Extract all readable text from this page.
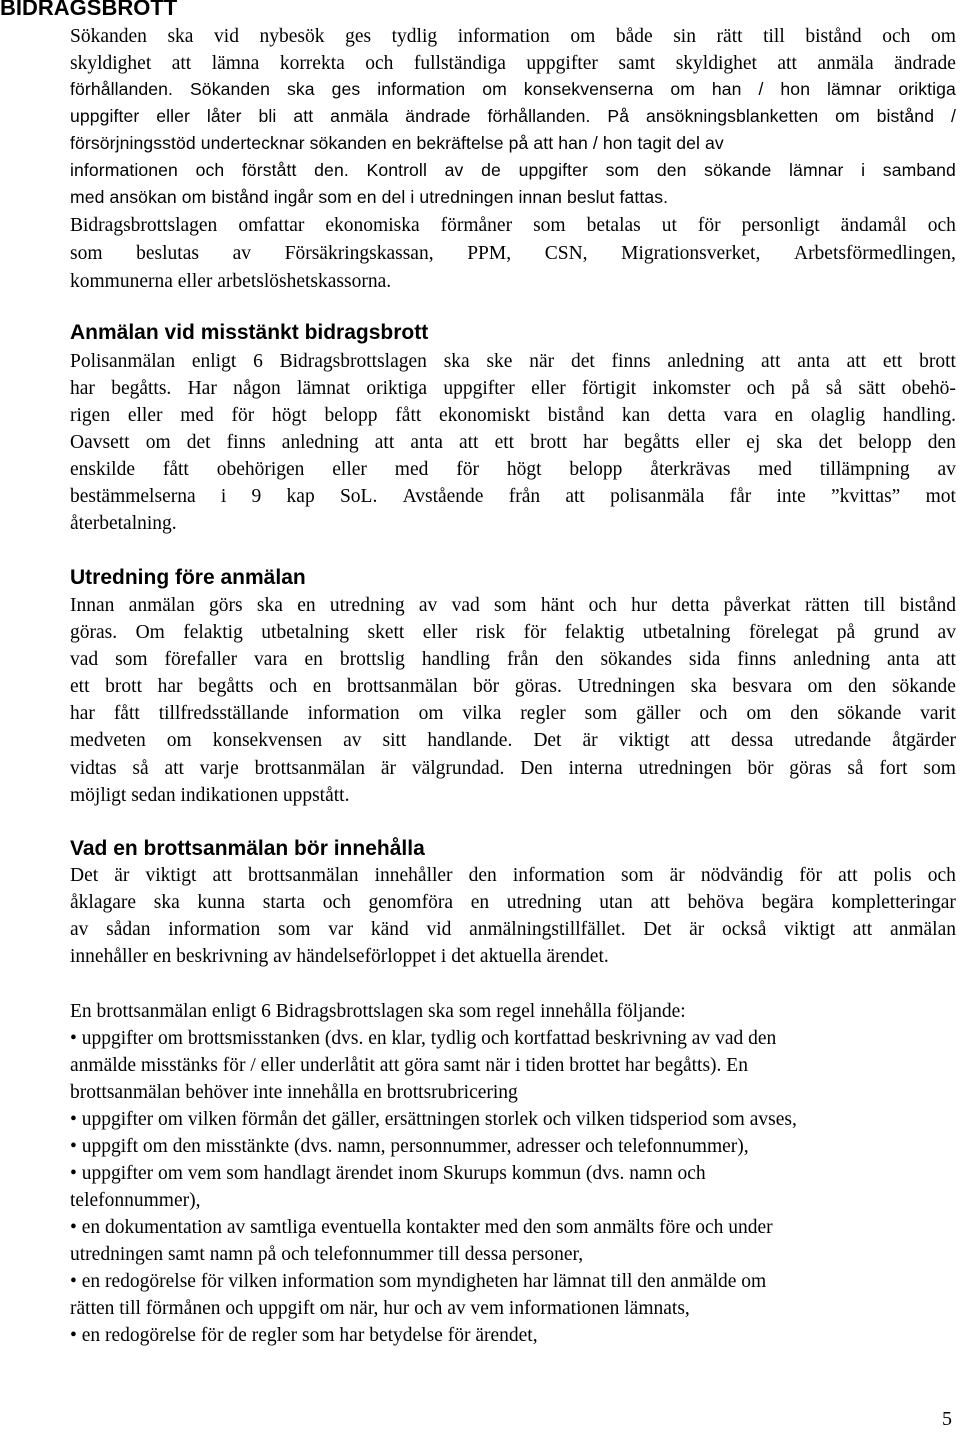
BIDRAGSBROTT

Sökanden ska vid nybesök ges tydlig information om både sin rätt till bistånd och om

skyldighet att lämna korrekta och fullständiga uppgifter samt skyldighet att anmäla ändrade

förhållanden. Sökanden ska ges information om konsekvenserna om han / hon lämnar oriktiga

uppgifter eller låter bli att anmäla ändrade förhållanden. På ansökningsblanketten om bistånd /

försörjningsstöd undertecknar sökanden en bekräftelse på att han / hon tagit del av

informationen och förstått den. Kontroll av de uppgifter som den sökande lämnar i samband

med ansökan om bistånd ingår som en del i utredningen innan beslut fattas.

Bidragsbrottslagen omfattar ekonomiska förmåner som betalas ut för personligt ändamål och

som beslutas av Försäkringskassan, PPM, CSN, Migrationsverket, Arbetsförmedlingen,

kommunerna eller arbetslöshetskassorna.

Anmälan vid misstänkt bidragsbrott

Polisanmälan enligt 6 Bidragsbrottslagen ska ske när det finns anledning att anta att ett brott

har begåtts. Har någon lämnat oriktiga uppgifter eller förtigit inkomster och på så sätt obehö-

rigen eller med för högt belopp fått ekonomiskt bistånd kan detta vara en olaglig handling.

Oavsett om det finns anledning att anta att ett brott har begåtts eller ej ska det belopp den

enskilde fått obehörigen eller med för högt belopp återkrävas med tillämpning av

bestämmelserna i 9 kap SoL. Avstående från att polisanmäla får inte ”kvittas” mot

återbetalning.

Utredning före anmälan

Innan anmälan görs ska en utredning av vad som hänt och hur detta påverkat rätten till bistånd

göras. Om felaktig utbetalning skett eller risk för felaktig utbetalning förelegat på grund av

vad som förefaller vara en brottslig handling från den sökandes sida finns anledning anta att

ett brott har begåtts och en brottsanmälan bör göras. Utredningen ska besvara om den sökande

har fått tillfredsställande information om vilka regler som gäller och om den sökande varit

medveten om konsekvensen av sitt handlande. Det är viktigt att dessa utredande åtgärder

vidtas så att varje brottsanmälan är välgrundad. Den interna utredningen bör göras så fort som

möjligt sedan indikationen uppstått.

Vad en brottsanmälan bör innehålla

Det är viktigt att brottsanmälan innehåller den information som är nödvändig för att polis och

åklagare ska kunna starta och genomföra en utredning utan att behöva begära kompletteringar

av sådan information som var känd vid anmälningstillfället. Det är också viktigt att anmälan

innehåller en beskrivning av händelseförloppet i det aktuella ärendet.

En brottsanmälan enligt 6 Bidragsbrottslagen ska som regel innehålla följande:

• uppgifter om brottsmisstanken (dvs. en klar, tydlig och kortfattad beskrivning av vad den

anmälde misstänks för / eller underlåtit att göra samt när i tiden brottet har begåtts). En

brottsanmälan behöver inte innehålla en brottsrubricering

• uppgifter om vilken förmån det gäller, ersättningen storlek och vilken tidsperiod som avses,

• uppgift om den misstänkte (dvs. namn, personnummer, adresser och telefonnummer),

• uppgifter om vem som handlagt ärendet inom Skurups kommun (dvs. namn och

telefonnummer),

• en dokumentation av samtliga eventuella kontakter med den som anmälts före och under

utredningen samt namn på och telefonnummer till dessa personer,

• en redogörelse för vilken information som myndigheten har lämnat till den anmälde om

rätten till förmånen och uppgift om när, hur och av vem informationen lämnats,

• en redogörelse för de regler som har betydelse för ärendet,

5
